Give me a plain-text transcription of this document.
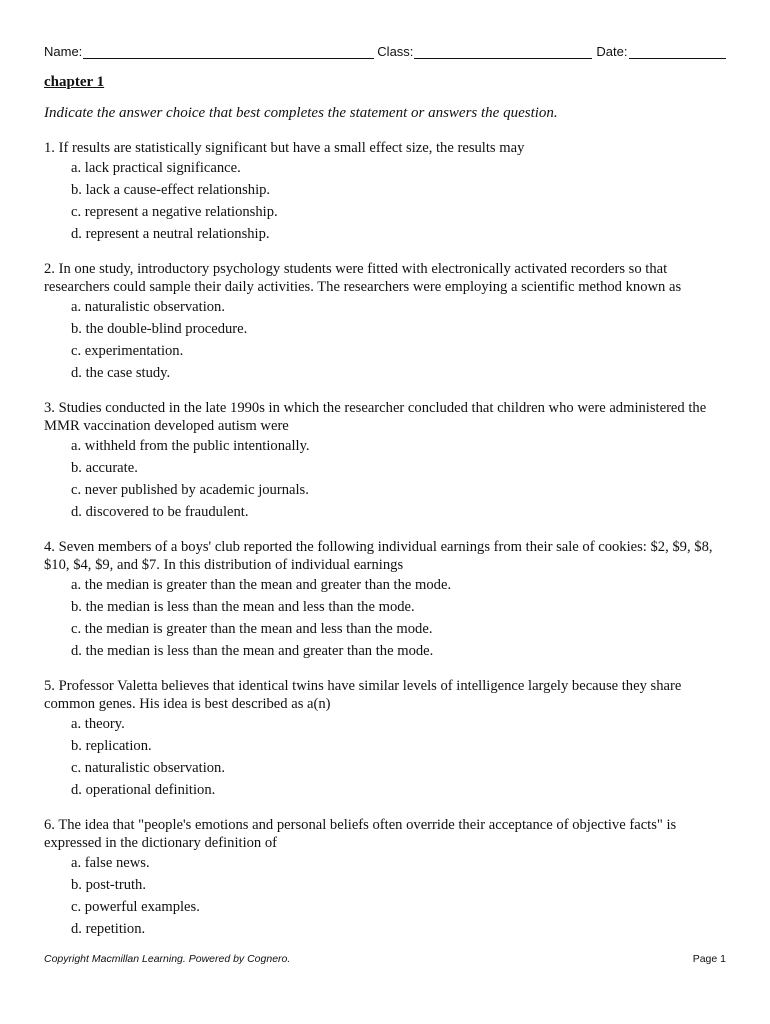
Name:	Class:	Date:
chapter 1
Indicate the answer choice that best completes the statement or answers the question.

1. If results are statistically significant but have a small effect size, the results may

a. lack practical significance.
b. lack a cause-effect relationship.
c. represent a negative relationship.
d. represent a neutral relationship.

2. In one study, introductory psychology students were fitted with electronically activated recorders so that researchers could sample their daily activities. The researchers were employing a scientific method known as

a. naturalistic observation.
b. the double-blind procedure.
c. experimentation.
d. the case study.

3. Studies conducted in the late 1990s in which the researcher concluded that children who were administered the MMR vaccination developed autism were

a. withheld from the public intentionally.
b. accurate.
c. never published by academic journals.
d. discovered to be fraudulent.

4. Seven members of a boys' club reported the following individual earnings from their sale of cookies: $2, $9, $8, $10, $4, $9, and $7. In this distribution of individual earnings

a. the median is greater than the mean and greater than the mode.
b. the median is less than the mean and less than the mode.
c. the median is greater than the mean and less than the mode.
d. the median is less than the mean and greater than the mode.

5. Professor Valetta believes that identical twins have similar levels of intelligence largely because they share common genes. His idea is best described as a(n)

a. theory.
b. replication.
c. naturalistic observation.
d. operational definition.

6. The idea that "people's emotions and personal beliefs often override their acceptance of objective facts" is expressed in the dictionary definition of

a. false news.
b. post-truth.
c. powerful examples.
d. repetition.
Copyright Macmillan Learning. Powered by Cognero.	Page 1
